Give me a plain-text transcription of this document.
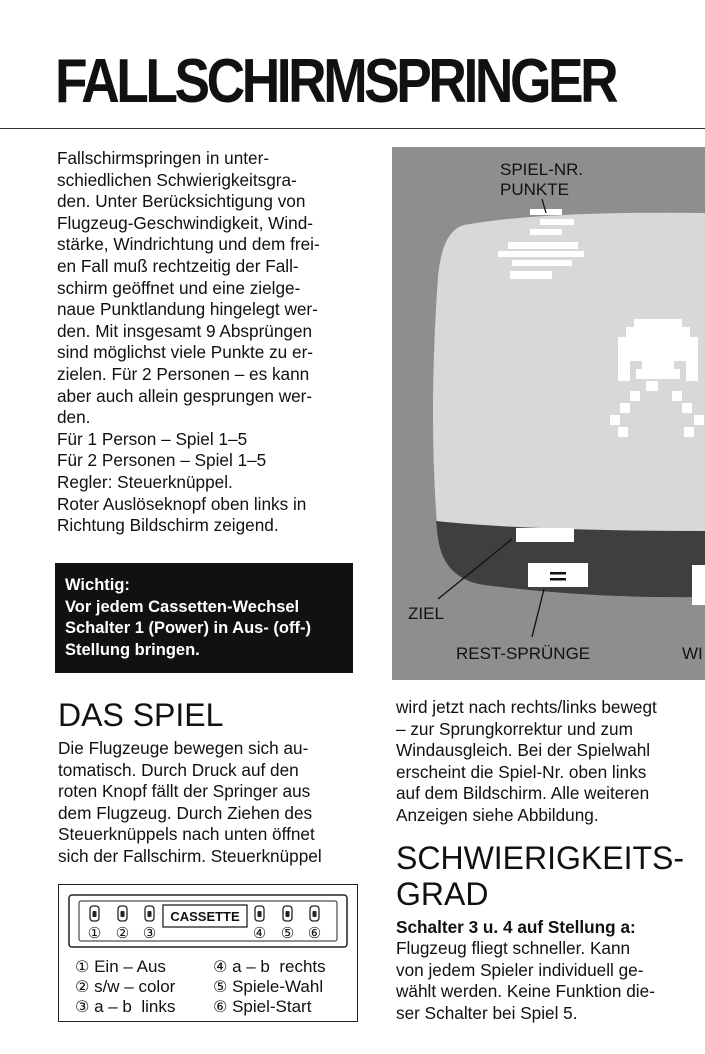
FALLSCHIRMSPRINGER
Fallschirmspringen in unter-
schiedlichen Schwierigkeitsgra-
den. Unter Berücksichtigung von
Flugzeug-Geschwindigkeit, Wind-
stärke, Windrichtung und dem frei-
en Fall muß rechtzeitig der Fall-
schirm geöffnet und eine zielge-
naue Punktlandung hingelegt wer-
den. Mit insgesamt 9 Absprüngen
sind möglichst viele Punkte zu er-
zielen. Für 2 Personen – es kann
aber auch allein gesprungen wer-
den.
Für 1 Person – Spiel 1–5
Für 2 Personen – Spiel 1–5
Regler: Steuerknüppel.
Roter Auslöseknopf oben links in
Richtung Bildschirm zeigend.
Wichtig:
Vor jedem Cassetten-Wechsel
Schalter 1 (Power) in Aus- (off-)
Stellung bringen.
SPIEL-NR.
PUNKTE
ZIEL
REST-SPRÜNGE	WI
DAS SPIEL
Die Flugzeuge bewegen sich au-
tomatisch. Durch Druck auf den
roten Knopf fällt der Springer aus
dem Flugzeug. Durch Ziehen des
Steuerknüppels nach unten öffnet
sich der Fallschirm. Steuerknüppel
wird jetzt nach rechts/links bewegt
– zur Sprungkorrektur und zum
Windausgleich. Bei der Spielwahl
erscheint die Spiel-Nr. oben links
auf dem Bildschirm. Alle weiteren
Anzeigen siehe Abbildung.
CASSETTE
① ② ③	④ ⑤ ⑥
① Ein – Aus
② s/w – color
③ a – b  links
④ a – b  rechts
⑤ Spiele-Wahl
⑥ Spiel-Start
SCHWIERIGKEITS-
GRAD
Schalter 3 u. 4 auf Stellung a:
Flugzeug fliegt schneller. Kann
von jedem Spieler individuell ge-
wählt werden. Keine Funktion die-
ser Schalter bei Spiel 5.
